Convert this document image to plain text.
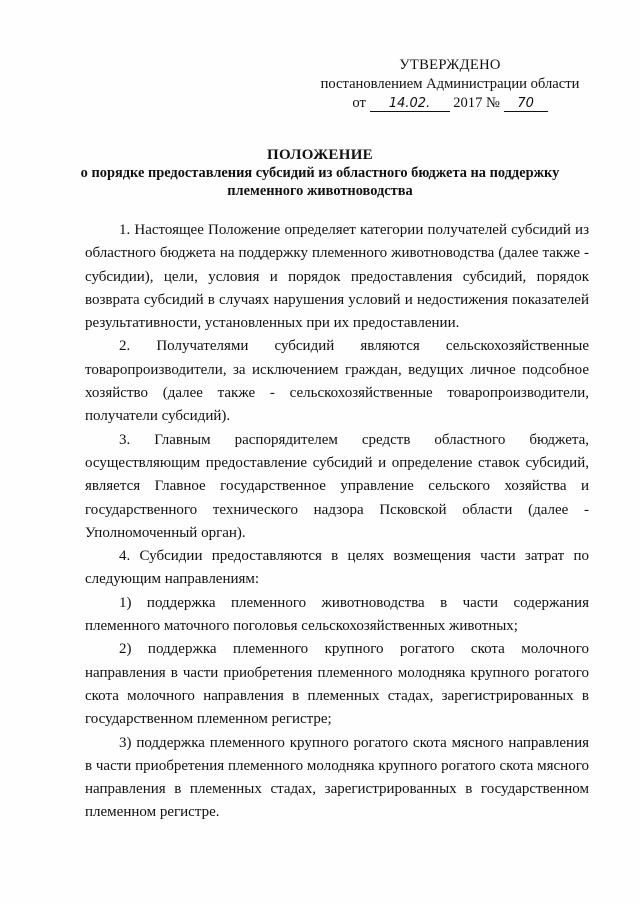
УТВЕРЖДЕНО
постановлением Администрации области
от 14.02. 2017 № 70
ПОЛОЖЕНИЕ
о порядке предоставления субсидий из областного бюджета на поддержку
племенного животноводства

1. Настоящее Положение определяет категории получателей субсидий из областного бюджета на поддержку племенного животноводства (далее также - субсидии), цели, условия и порядок предоставления субсидий, порядок возврата субсидий в случаях нарушения условий и недостижения показателей результативности, установленных при их предоставлении.

2. Получателями субсидий являются сельскохозяйственные товаропроизводители, за исключением граждан, ведущих личное подсобное хозяйство (далее также - сельскохозяйственные товаропроизводители, получатели субсидий).

3. Главным распорядителем средств областного бюджета, осуществляющим предоставление субсидий и определение ставок субсидий, является Главное государственное управление сельского хозяйства и государственного технического надзора Псковской области (далее - Уполномоченный орган).

4. Субсидии предоставляются в целях возмещения части затрат по следующим направлениям:

1) поддержка племенного животноводства в части содержания племенного маточного поголовья сельскохозяйственных животных;

2) поддержка племенного крупного рогатого скота молочного направления в части приобретения племенного молодняка крупного рогатого скота молочного направления в племенных стадах, зарегистрированных в государственном племенном регистре;

3) поддержка племенного крупного рогатого скота мясного направления в части приобретения племенного молодняка крупного рогатого скота мясного направления в племенных стадах, зарегистрированных в государственном племенном регистре.
